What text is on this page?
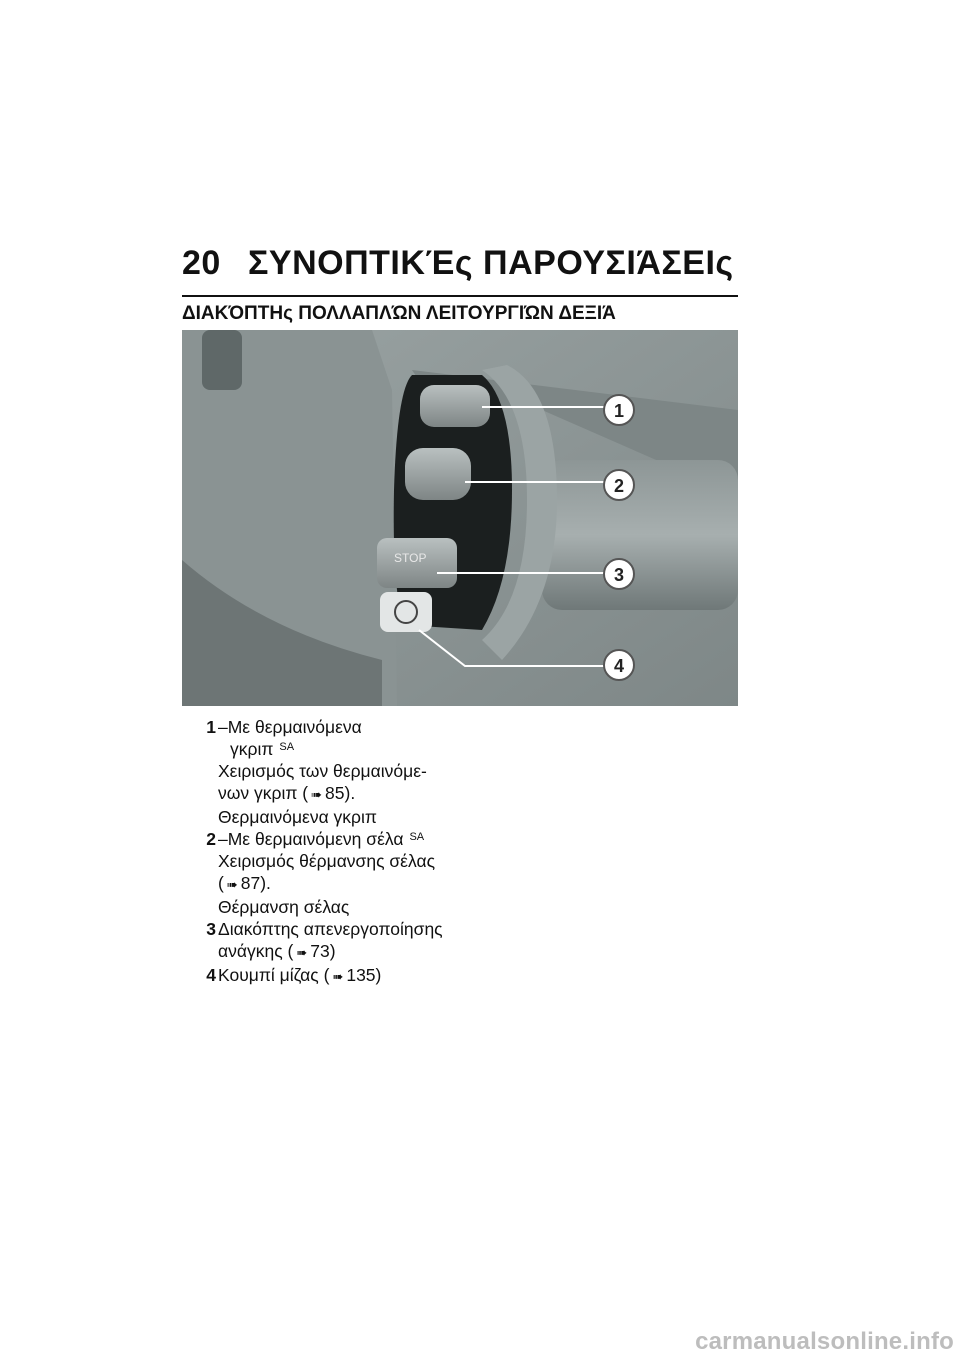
20 ΣΥΝΟΠΤΙΚΈς ΠΑΡΟΥΣΙΆΣΕΙς
ΔΙΑΚΌΠΤΗς ΠΟΛΛΑΠΛΏΝ ΛΕΙΤΟΥΡΓΙΏΝ ΔΕΞΙΆ
STOP
1
2
3
4
1 –Με θερμαινόμενα
γκριπ $^{SA}$
Χειρισμός των θερμαινόμε-
νων γκριπ ( ➠ 85).
Θερμαινόμενα γκριπ
2 –Με θερμαινόμενη σέλα $^{SA}$
Χειρισμός θέρμανσης σέλας
( ➠ 87).
Θέρμανση σέλας
3 Διακόπτης απενεργοποίησης
ανάγκης ( ➠ 73)
4 Κουμπί μίζας ( ➠ 135)
carmanualsonline.info
